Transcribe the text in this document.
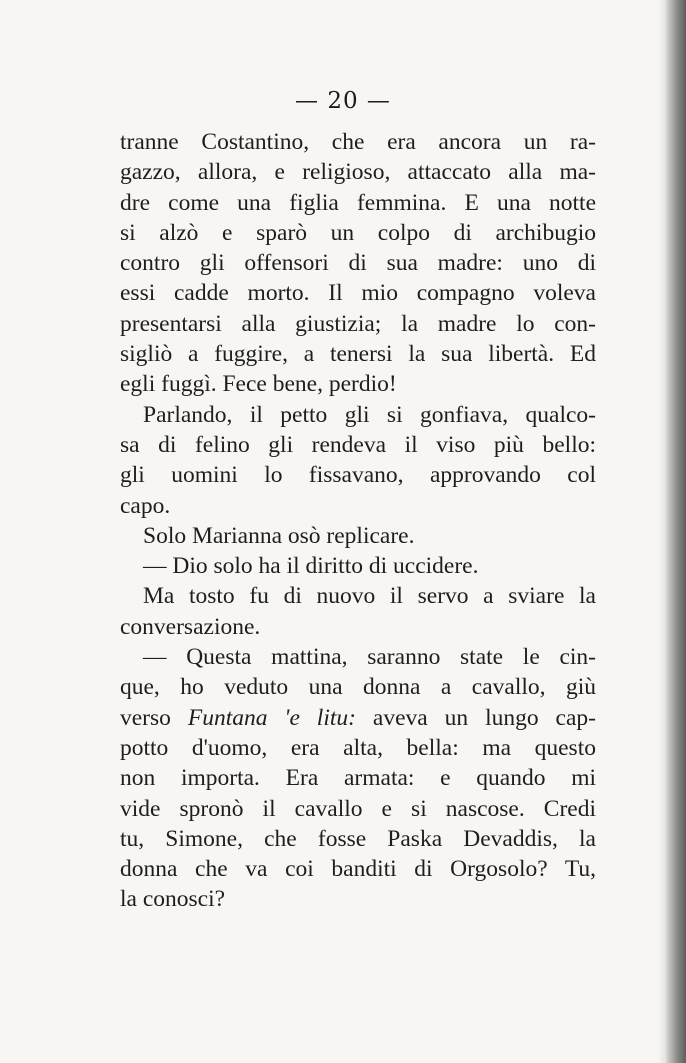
— 20 —
tranne Costantino, che era ancora un ra-
gazzo, allora, e religioso, attaccato alla ma-
dre come una figlia femmina. E una notte
si alzò e sparò un colpo di archibugio
contro gli offensori di sua madre: uno di
essi cadde morto. Il mio compagno voleva
presentarsi alla giustizia; la madre lo con-
sigliò a fuggire, a tenersi la sua libertà. Ed
egli fuggì. Fece bene, perdio!
Parlando, il petto gli si gonfiava, qualco-
sa di felino gli rendeva il viso più bello:
gli uomini lo fissavano, approvando col
capo.
Solo Marianna osò replicare.
— Dio solo ha il diritto di uccidere.
Ma tosto fu di nuovo il servo a sviare la
conversazione.
— Questa mattina, saranno state le cin-
que, ho veduto una donna a cavallo, giù
verso Funtana 'e litu: aveva un lungo cap-
potto d'uomo, era alta, bella: ma questo
non importa. Era armata: e quando mi
vide spronò il cavallo e si nascose. Credi
tu, Simone, che fosse Paska Devaddis, la
donna che va coi banditi di Orgosolo? Tu,
la conosci?
